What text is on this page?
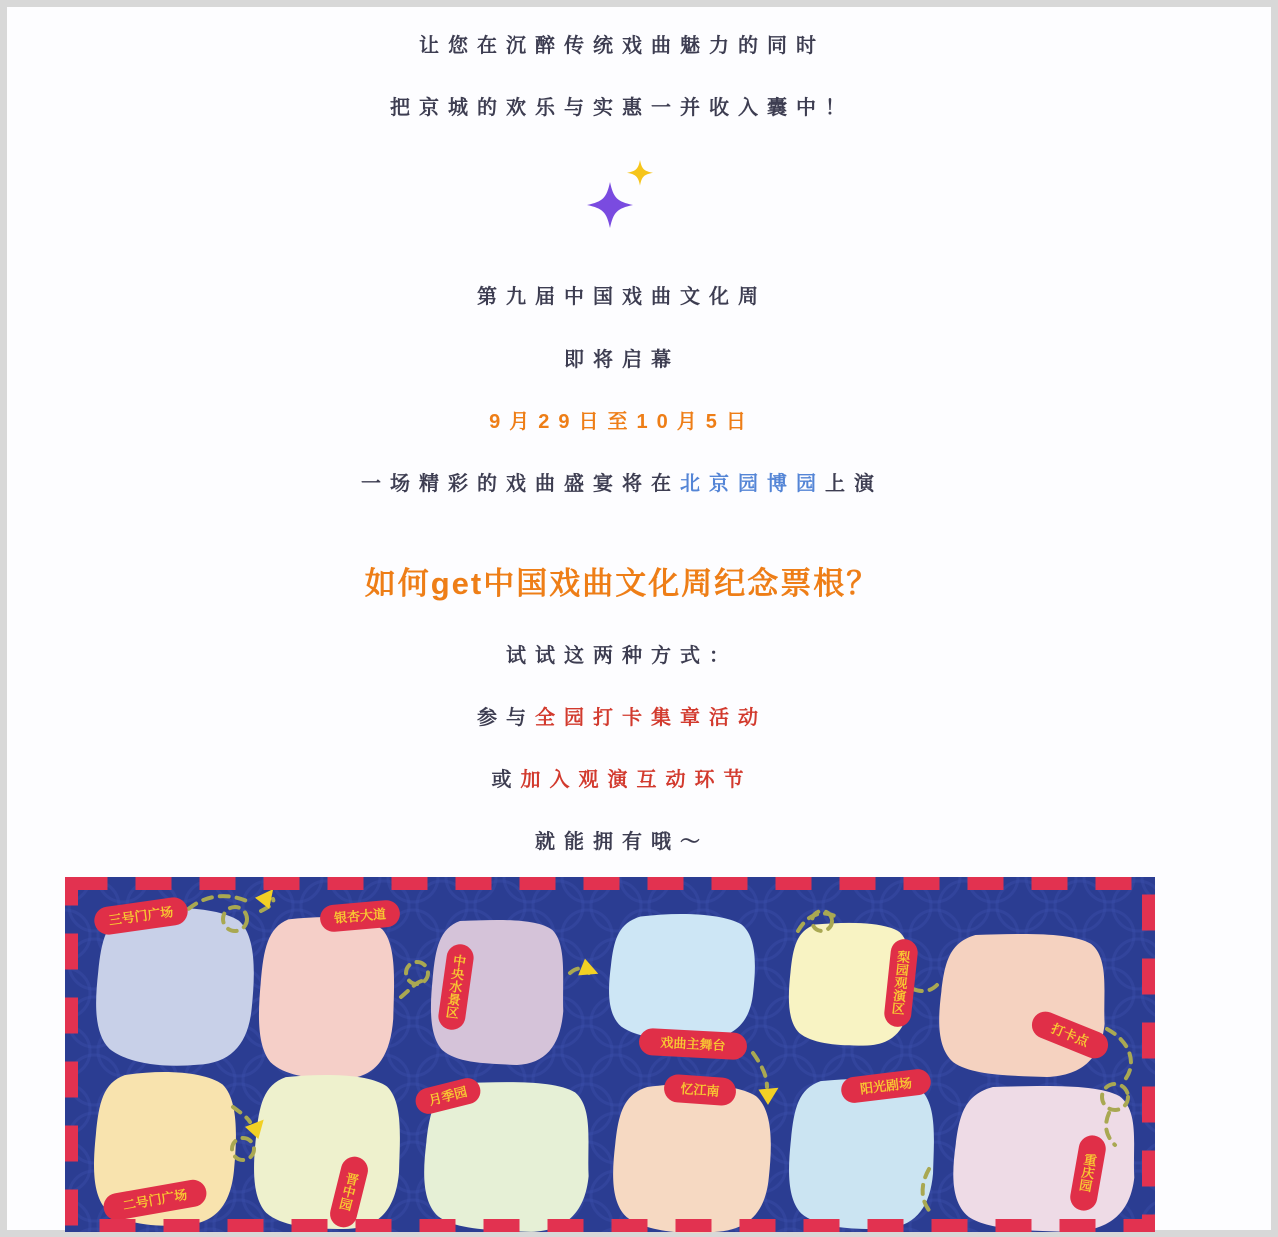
让您在沉醉传统戏曲魅力的同时

把京城的欢乐与实惠一并收入囊中！

第九届中国戏曲文化周

即将启幕

9月29日至10月5日

一场精彩的戏曲盛宴将在北京园博园上演

如何get中国戏曲文化周纪念票根？

试试这两种方式：

参与全园打卡集章活动

或加入观演互动环节

就能拥有哦～

三号门广场	银杏大道
中央水景区
戏曲主舞台
梨园观演区
打卡点
二号门广场
晋中园
月季园	忆江南	阳光剧场
重庆园
